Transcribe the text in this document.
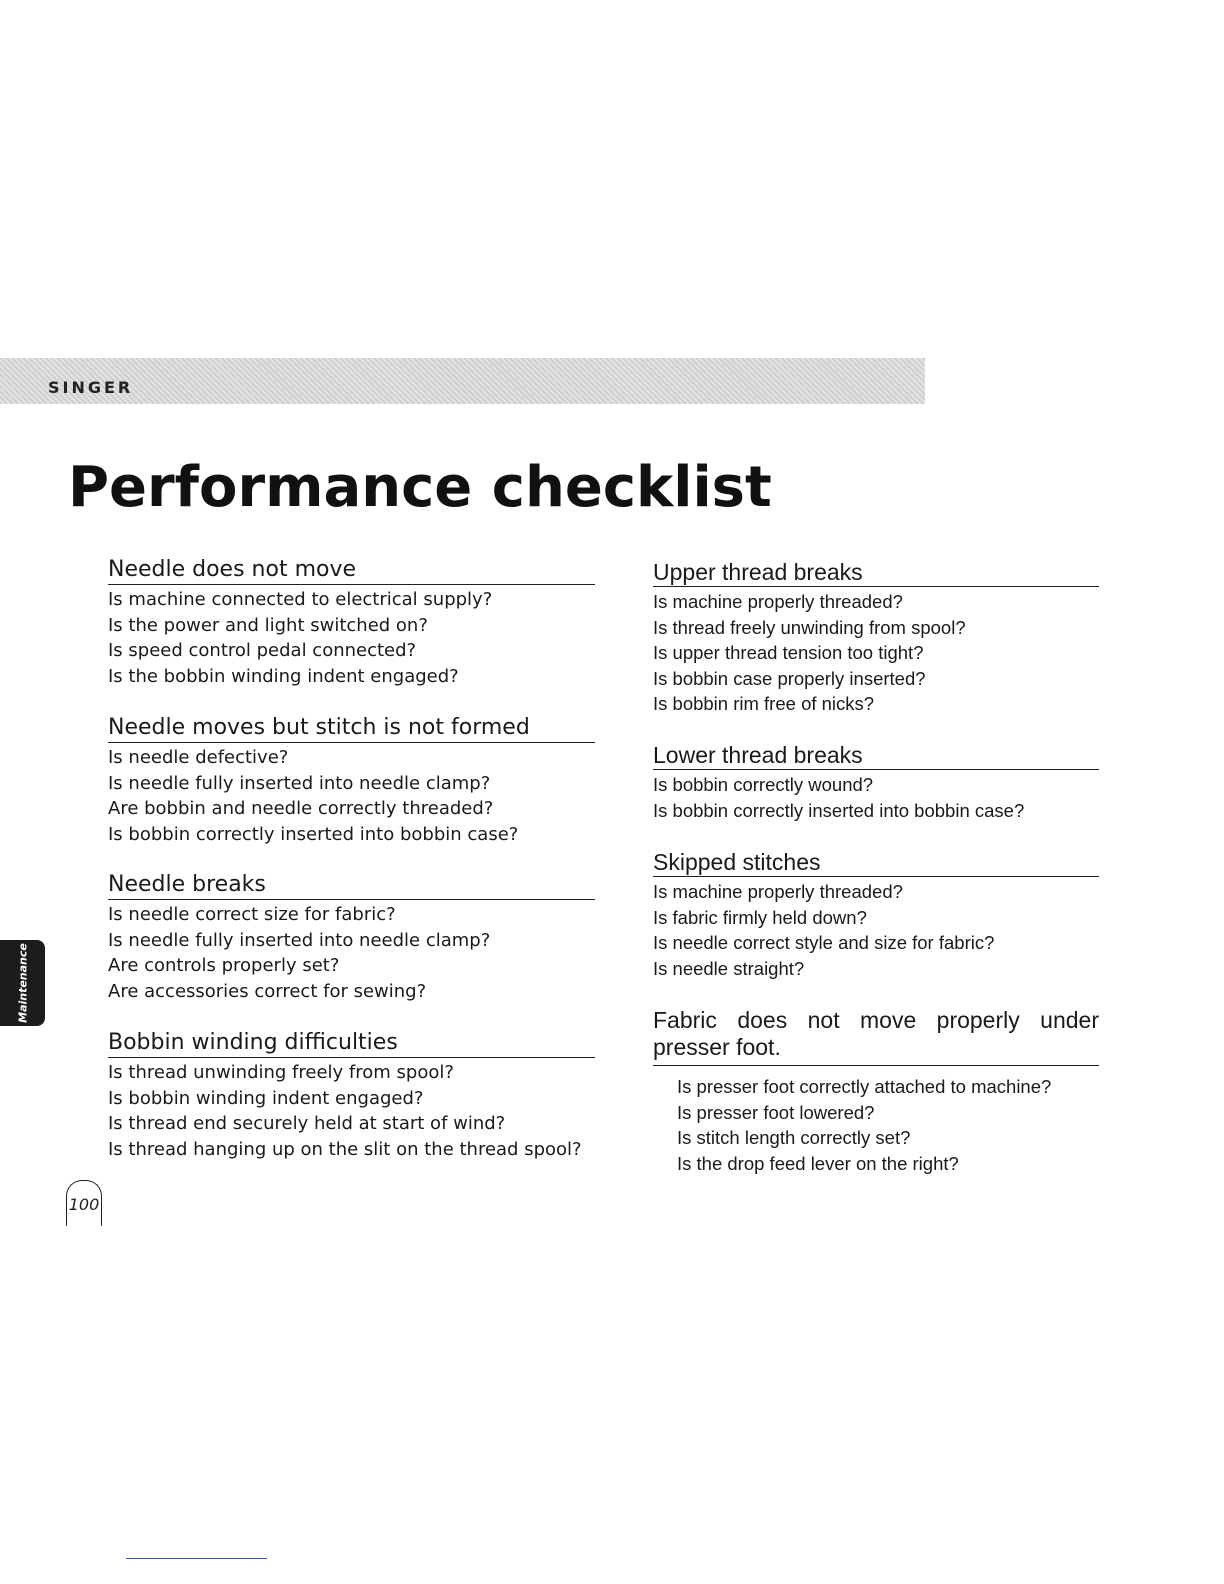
SINGER
Performance checklist
Needle does not move
Is machine connected to electrical supply?
Is the power and light switched on?
Is speed control pedal connected?
Is the bobbin winding indent engaged?
Needle moves but stitch is not formed
Is needle defective?
Is needle fully inserted into needle clamp?
Are bobbin and needle correctly threaded?
Is bobbin correctly inserted into bobbin case?
Needle breaks
Is needle correct size for fabric?
Is needle fully inserted into needle clamp?
Are controls properly set?
Are accessories correct for sewing?
Bobbin winding difficulties
Is thread unwinding freely from spool?
Is bobbin winding indent engaged?
Is thread end securely held at start of wind?
Is thread hanging up on the slit on the thread spool?
Upper thread breaks
Is machine properly threaded?
Is thread freely unwinding from spool?
Is upper thread tension too tight?
Is bobbin case properly inserted?
Is bobbin rim free of nicks?
Lower thread breaks
Is bobbin correctly wound?
Is bobbin correctly inserted into bobbin case?
Skipped stitches
Is machine properly threaded?
Is fabric firmly held down?
Is needle correct style and size for fabric?
Is needle straight?
Fabric does not move properly under presser foot.
Is presser foot correctly attached to machine?
Is presser foot lowered?
Is stitch length correctly set?
Is the drop feed lever on the right?
Maintenance
100
